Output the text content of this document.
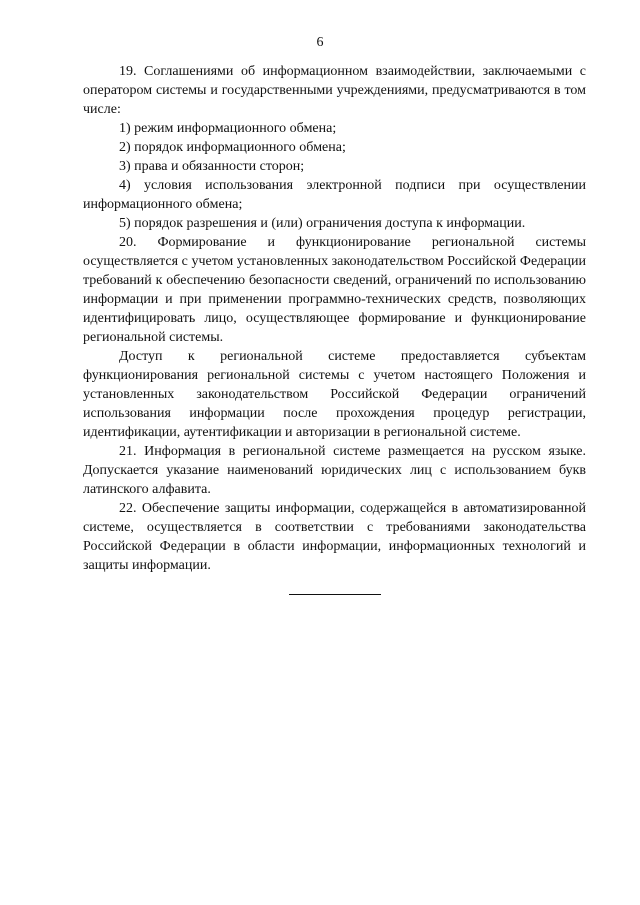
6

19. Соглашениями об информационном взаимодействии, заключаемыми с оператором системы и государственными учреждениями, предусматриваются в том числе:

1) режим информационного обмена;

2) порядок информационного обмена;

3) права и обязанности сторон;

4) условия использования электронной подписи при осуществлении информационного обмена;

5) порядок разрешения и (или) ограничения доступа к информации.

20. Формирование и функционирование региональной системы осуществляется с учетом установленных законодательством Российской Федерации требований к обеспечению безопасности сведений, ограничений по использованию информации и при применении программно-технических средств, позволяющих идентифицировать лицо, осуществляющее формирование и функционирование региональной системы.

Доступ к региональной системе предоставляется субъектам функционирования региональной системы с учетом настоящего Положения и установленных законодательством Российской Федерации ограничений использования информации после прохождения процедур регистрации, идентификации, аутентификации и авторизации в региональной системе.

21. Информация в региональной системе размещается на русском языке. Допускается указание наименований юридических лиц с использованием букв латинского алфавита.

22. Обеспечение защиты информации, содержащейся в автоматизированной системе, осуществляется в соответствии с требованиями законодательства Российской Федерации в области информации, информационных технологий и защиты информации.
